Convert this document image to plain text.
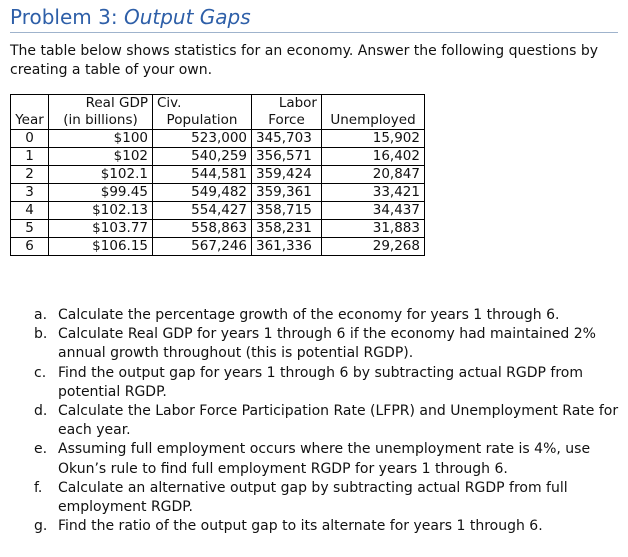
Problem 3: Output Gaps
The table below shows statistics for an economy. Answer the following questions by creating a table of your own.
	Real GDP	Civ.	Labor	
Year	(in billions)	Population	Force	Unemployed
0	$100	523,000	345,703	15,902
1	$102	540,259	356,571	16,402
2	$102.1	544,581	359,424	20,847
3	$99.45	549,482	359,361	33,421
4	$102.13	554,427	358,715	34,437
5	$103.77	558,863	358,231	31,883
6	$106.15	567,246	361,336	29,268
a. Calculate the percentage growth of the economy for years 1 through 6.
b. Calculate Real GDP for years 1 through 6 if the economy had maintained 2% annual growth throughout (this is potential RGDP).
c. Find the output gap for years 1 through 6 by subtracting actual RGDP from potential RGDP.
d. Calculate the Labor Force Participation Rate (LFPR) and Unemployment Rate for each year.
e. Assuming full employment occurs where the unemployment rate is 4%, use Okun’s rule to find full employment RGDP for years 1 through 6.
f. Calculate an alternative output gap by subtracting actual RGDP from full employment RGDP.
g. Find the ratio of the output gap to its alternate for years 1 through 6.
